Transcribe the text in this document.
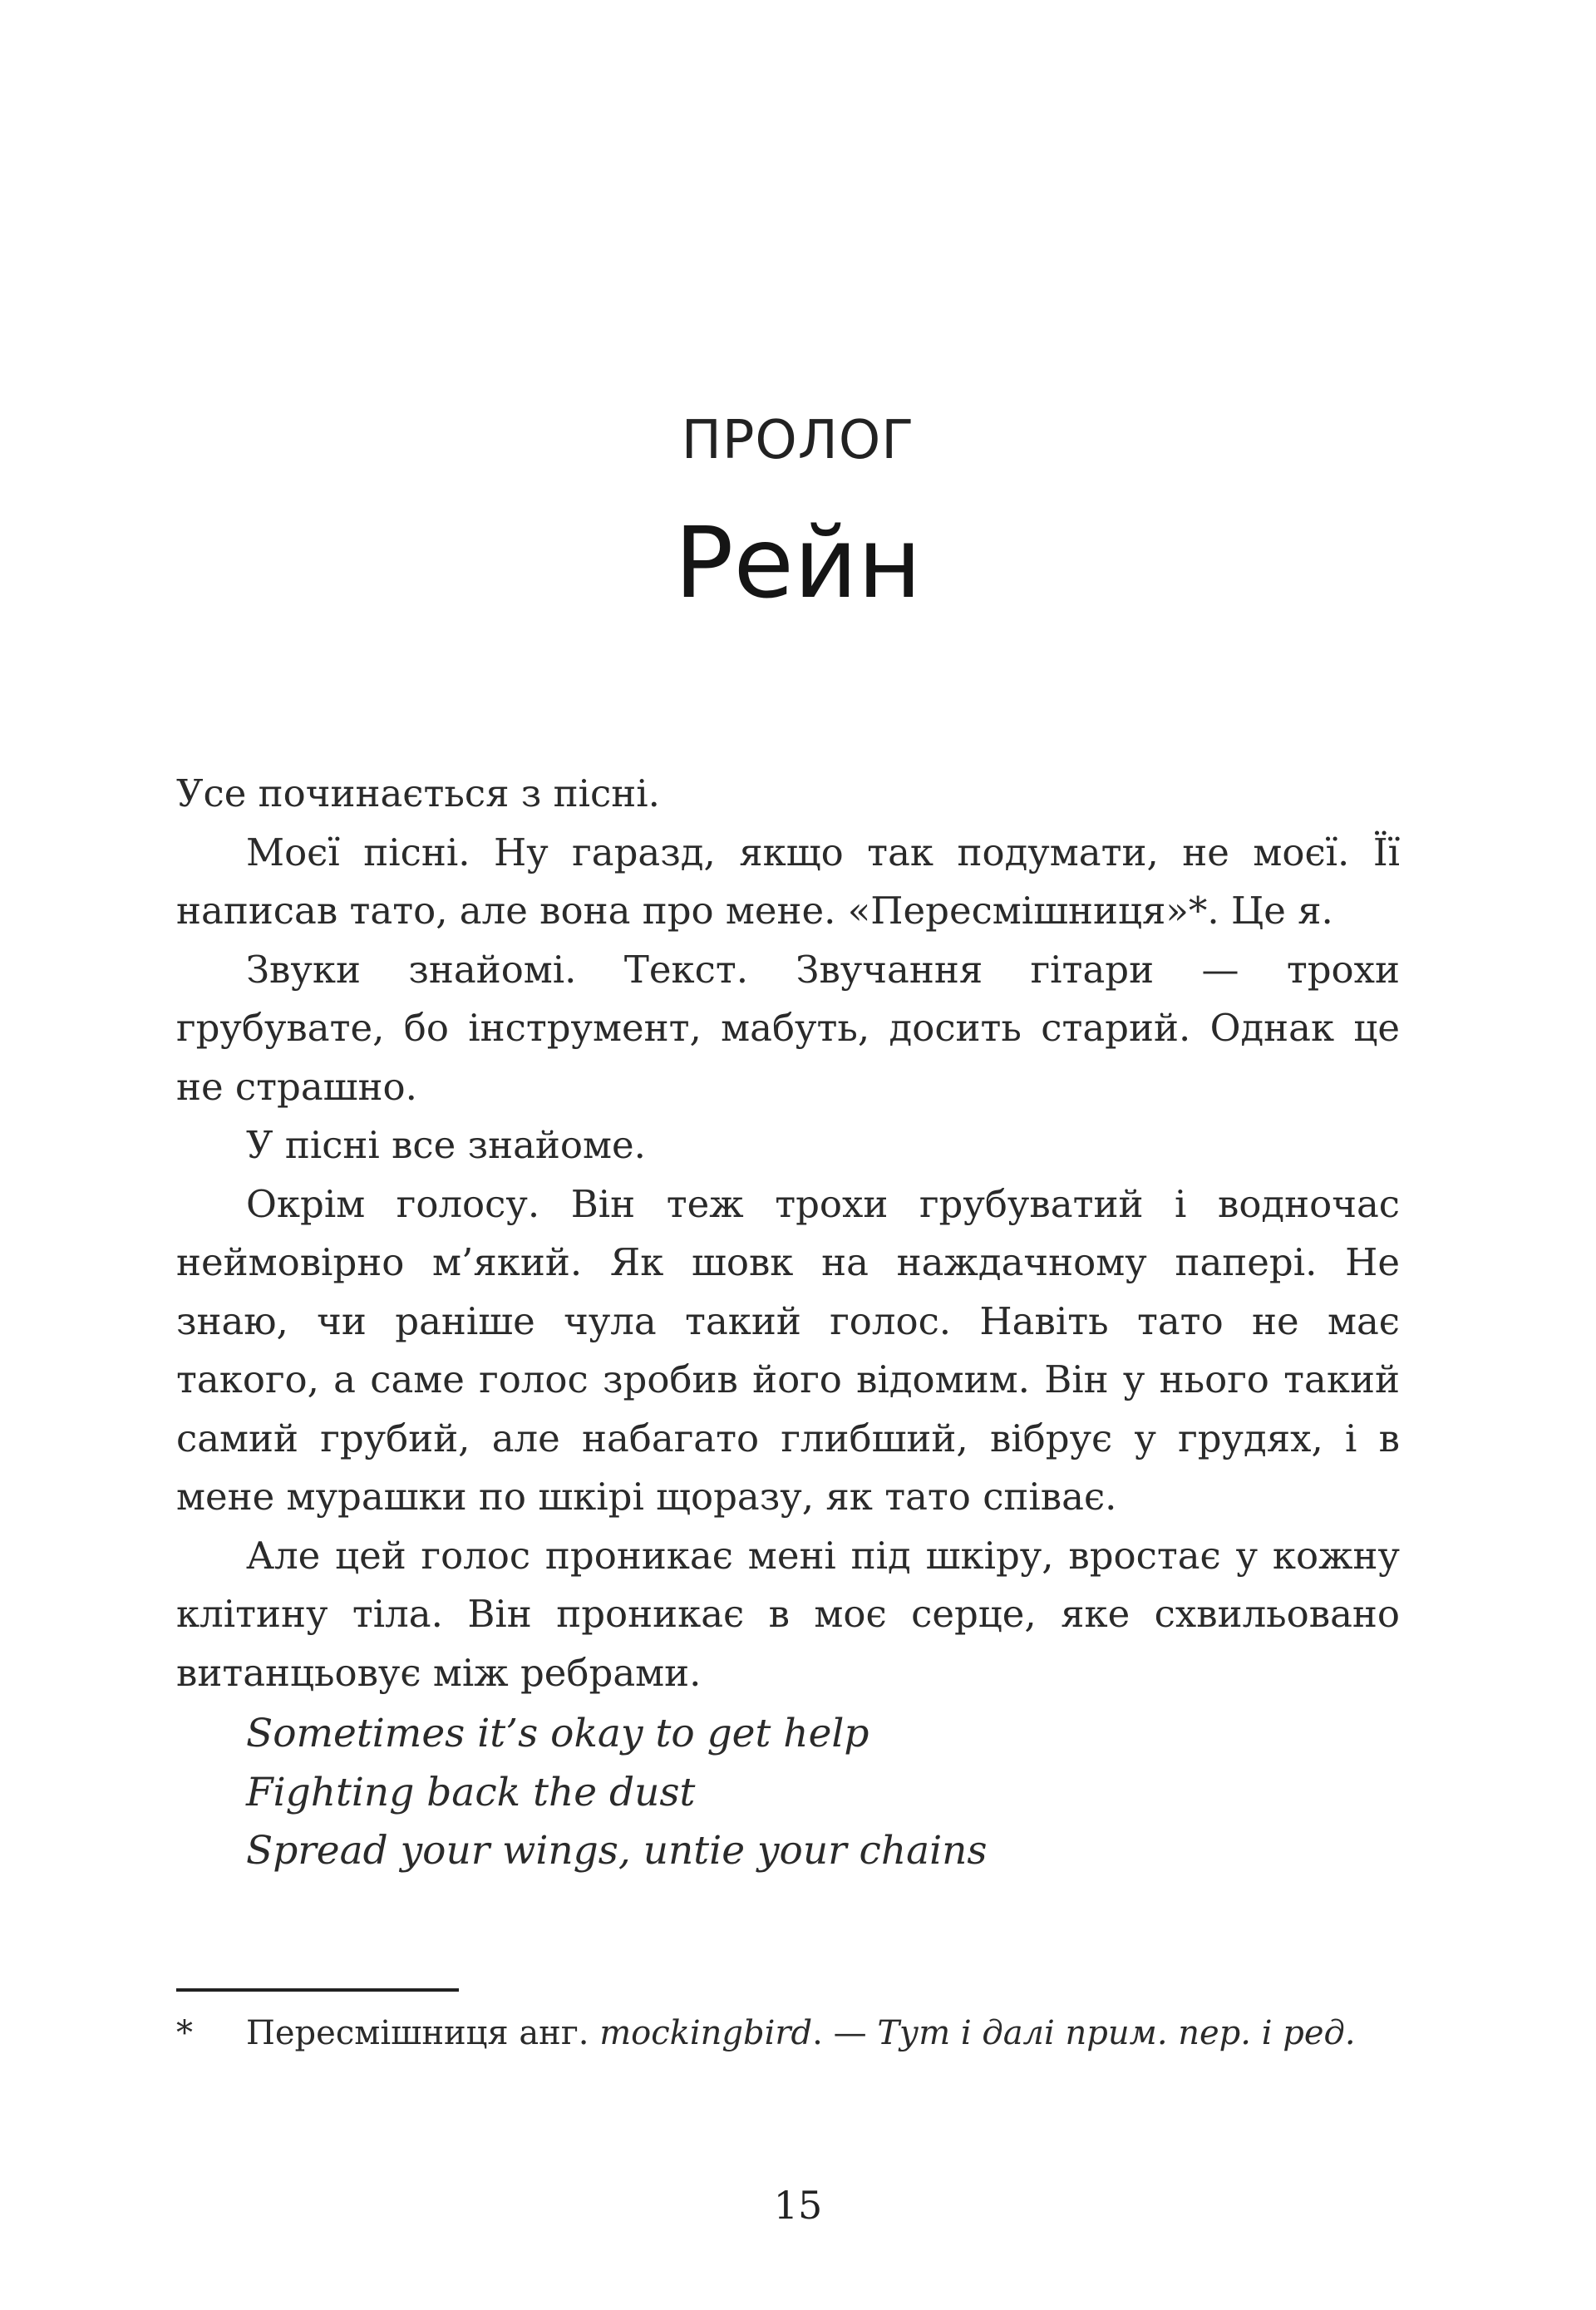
ПРОЛОГ
Рейн

Усе починається з пісні.

Моєї пісні. Ну гаразд, якщо так подумати, не моєї. Її написав тато, але вона про мене. «Пересмішниця»*. Це я.

Звуки знайомі. Текст. Звучання гітари — трохи грубувате, бо інструмент, мабуть, досить старий. Однак це не страшно.

У пісні все знайоме.

Окрім голосу. Він теж трохи грубуватий і водночас неймовірно м’який. Як шовк на наждачному папері. Не знаю, чи раніше чула такий голос. Навіть тато не має такого, а саме голос зробив його відомим. Він у нього такий самий грубий, але набагато глибший, вібрує у грудях, і в мене мурашки по шкірі щоразу, як тато співає.

Але цей голос проникає мені під шкіру, вростає у кожну клітину тіла. Він проникає в моє серце, яке схвильовано витанцьовує між ребрами.

Sometimes it’s okay to get help
Fighting back the dust
Spread your wings, untie your chains
* Пересмішниця анг. mockingbird. — Тут і далі прим. пер. і ред.
15
